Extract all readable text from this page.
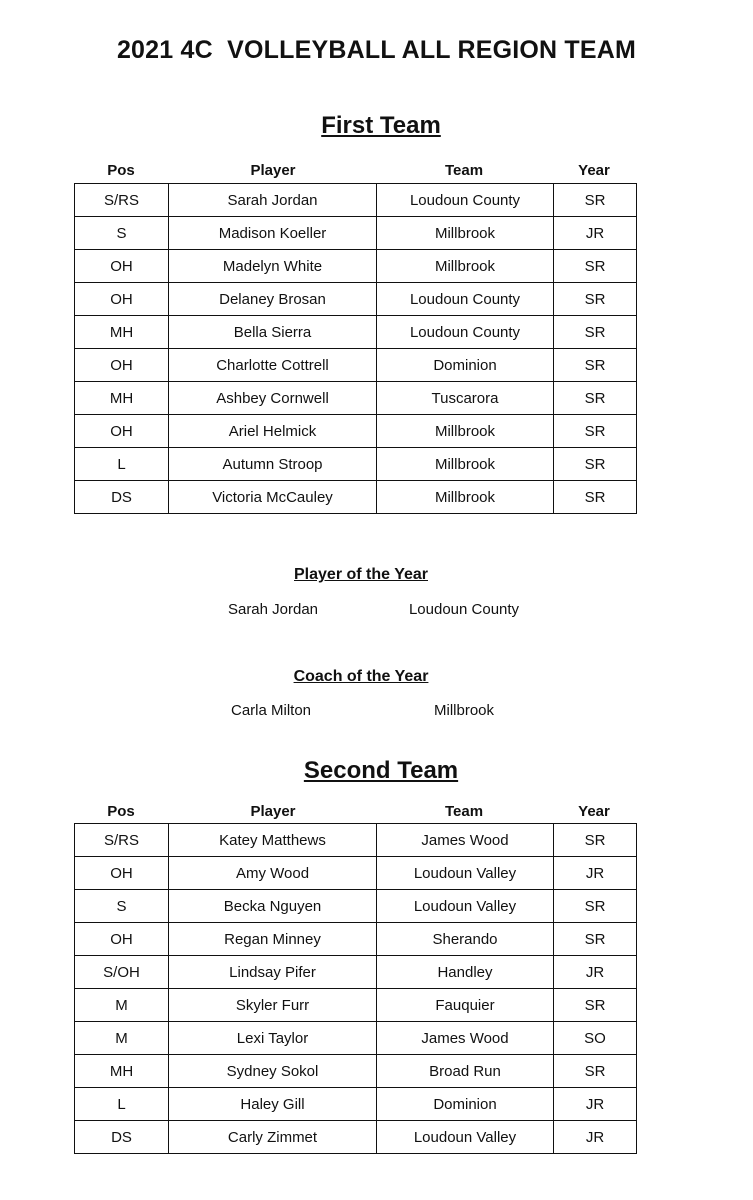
2021 4C  VOLLEYBALL ALL REGION TEAM
First Team
Pos	Player	Team	Year
S/RS	Sarah Jordan	Loudoun County	SR
S	Madison Koeller	Millbrook	JR
OH	Madelyn White	Millbrook	SR
OH	Delaney Brosan	Loudoun County	SR
MH	Bella Sierra	Loudoun County	SR
OH	Charlotte Cottrell	Dominion	SR
MH	Ashbey Cornwell	Tuscarora	SR
OH	Ariel Helmick	Millbrook	SR
L	Autumn Stroop	Millbrook	SR
DS	Victoria McCauley	Millbrook	SR
Player of the Year
Sarah Jordan	Loudoun County
Coach of the Year
Carla Milton	Millbrook
Second Team
Pos	Player	Team	Year
S/RS	Katey Matthews	James Wood	SR
OH	Amy Wood	Loudoun Valley	JR
S	Becka Nguyen	Loudoun Valley	SR
OH	Regan Minney	Sherando	SR
S/OH	Lindsay Pifer	Handley	JR
M	Skyler Furr	Fauquier	SR
M	Lexi Taylor	James Wood	SO
MH	Sydney Sokol	Broad Run	SR
L	Haley Gill	Dominion	JR
DS	Carly Zimmet	Loudoun Valley	JR
